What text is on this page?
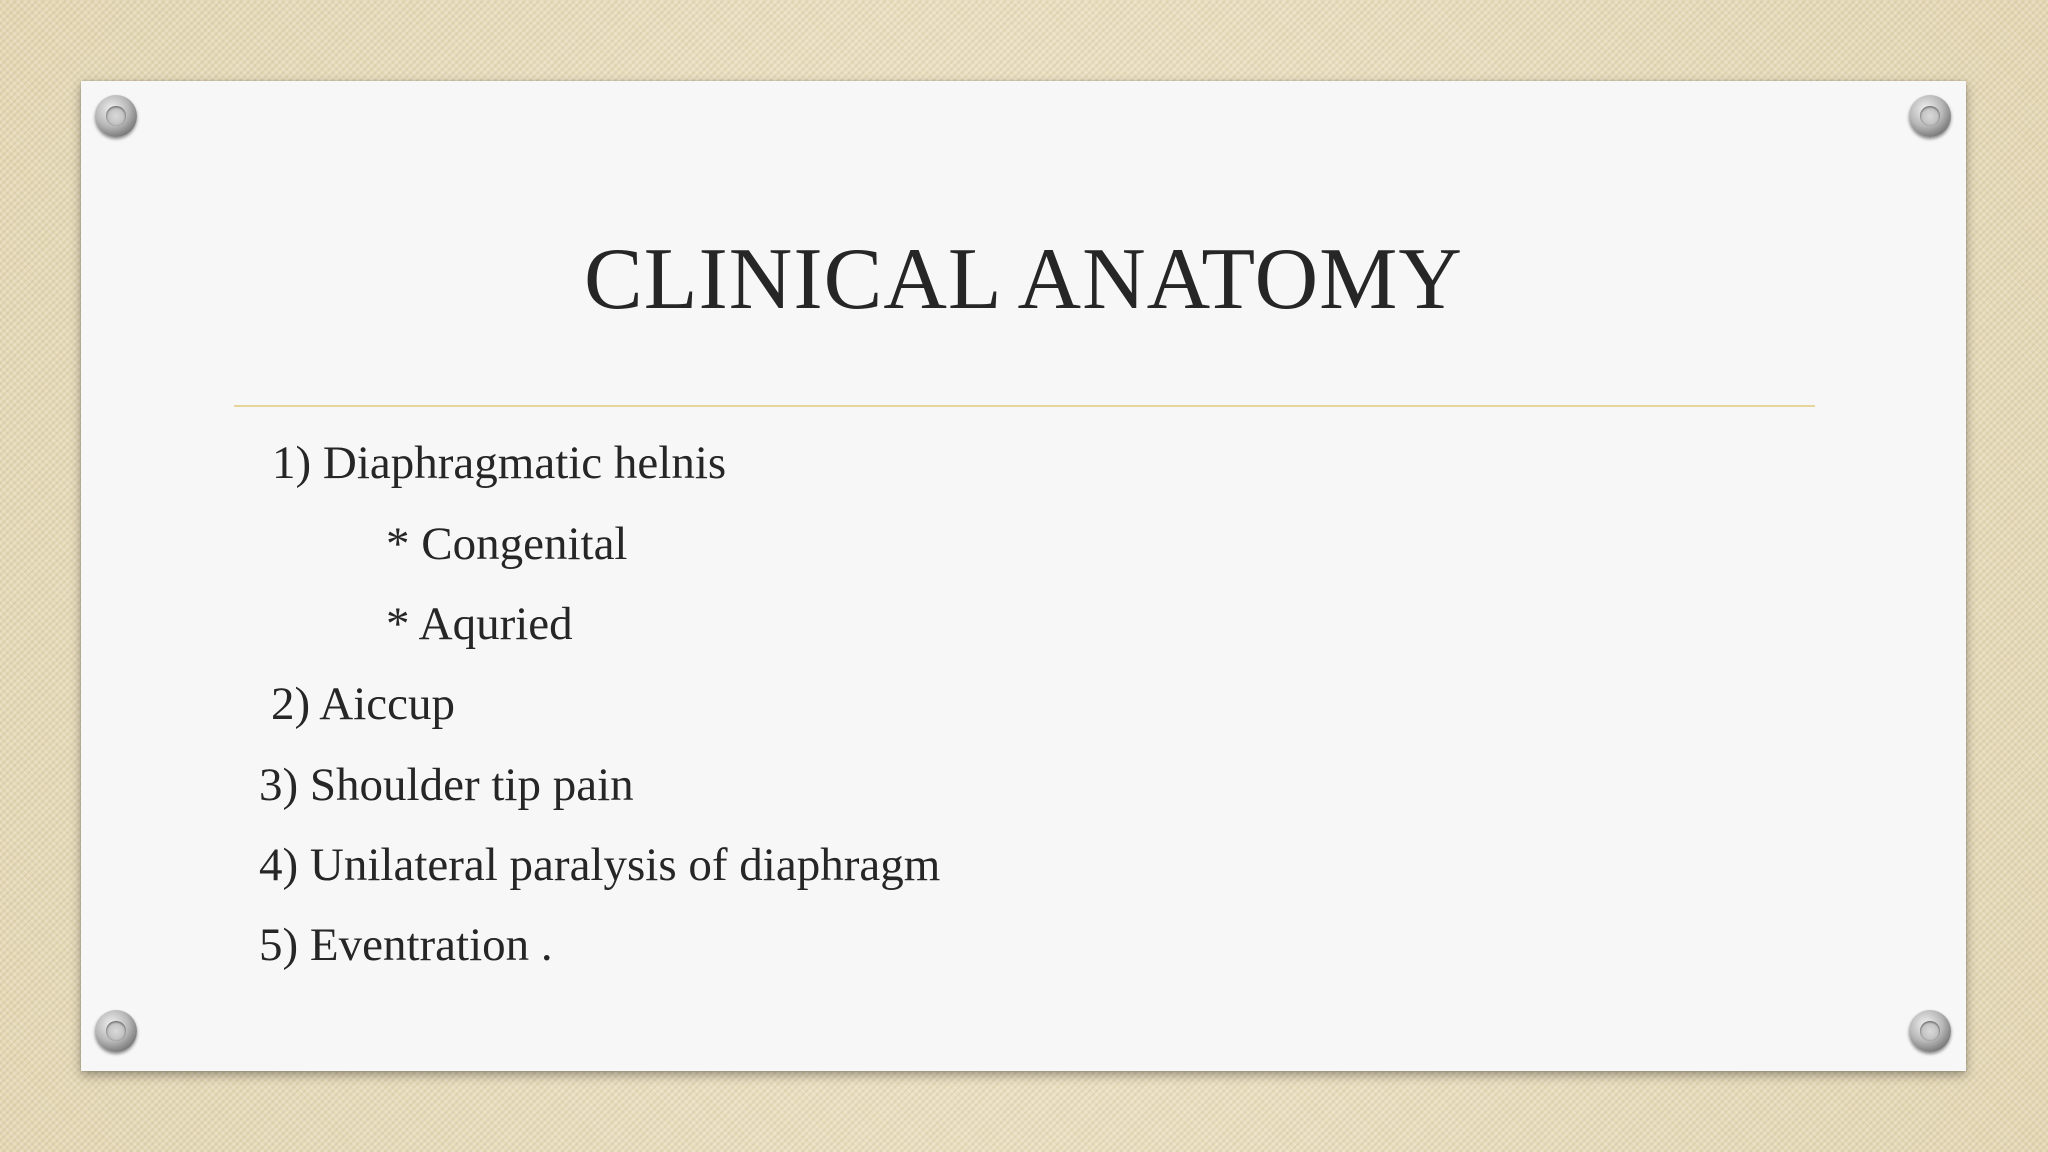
CLINICAL ANATOMY
1) Diaphragmatic helnis
* Congenital
* Aquried
2) Aiccup
3) Shoulder tip pain
4) Unilateral paralysis of diaphragm
5) Eventration .
